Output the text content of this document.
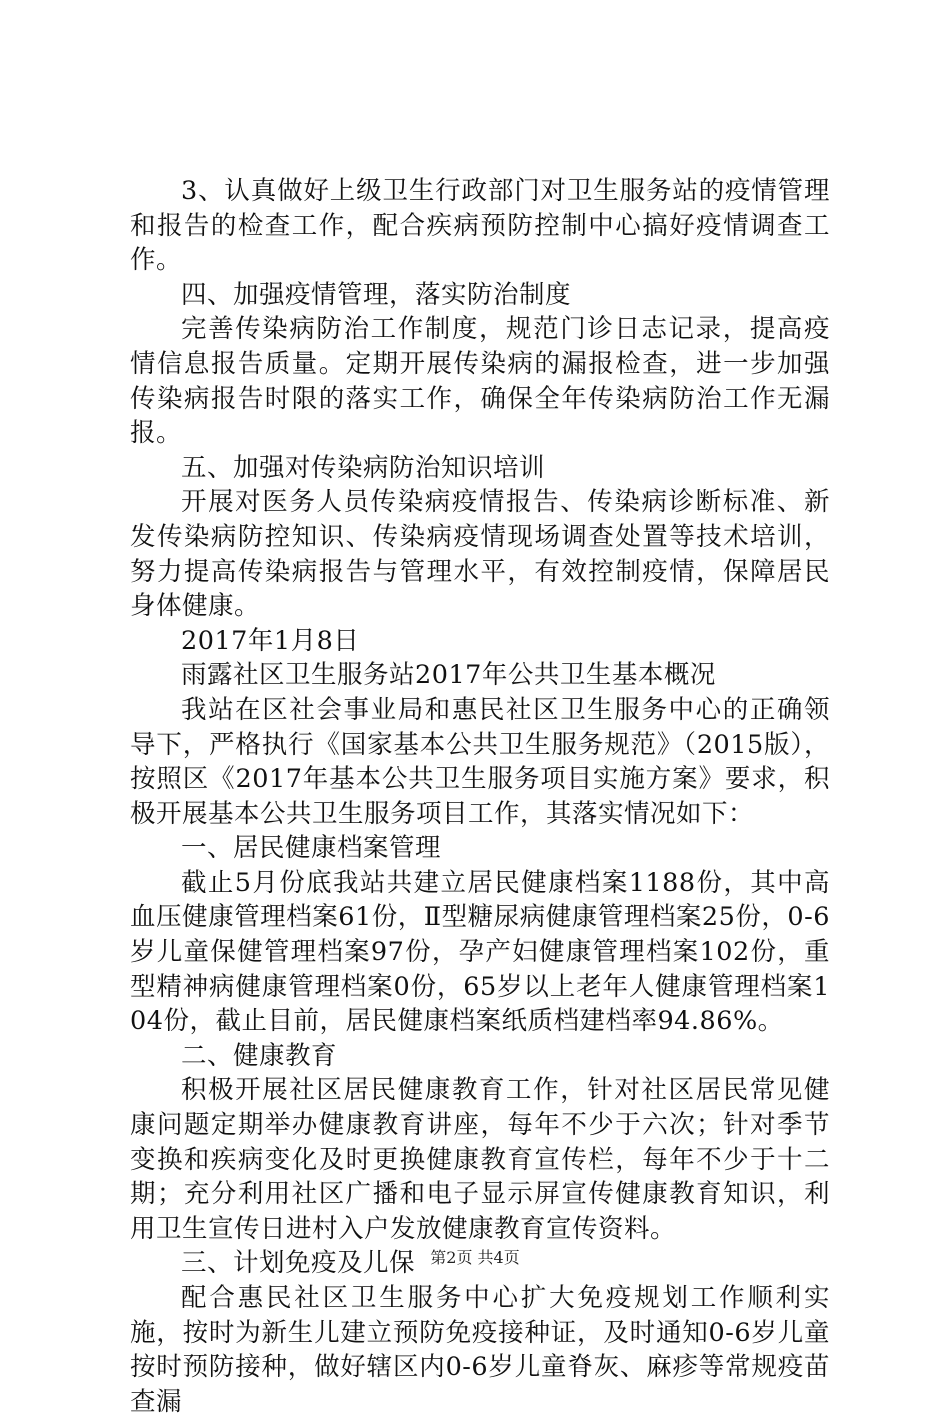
3、认真做好上级卫生行政部门对卫生服务站的疫情管理和报告的检查工作，配合疾病预防控制中心搞好疫情调查工作。

四、加强疫情管理，落实防治制度

完善传染病防治工作制度，规范门诊日志记录，提高疫情信息报告质量。定期开展传染病的漏报检查，进一步加强传染病报告时限的落实工作，确保全年传染病防治工作无漏报。

五、加强对传染病防治知识培训

开展对医务人员传染病疫情报告、传染病诊断标准、新发传染病防控知识、传染病疫情现场调查处置等技术培训，努力提高传染病报告与管理水平，有效控制疫情，保障居民身体健康。

2017年1月8日

雨露社区卫生服务站2017年公共卫生基本概况

我站在区社会事业局和惠民社区卫生服务中心的正确领导下，严格执行《国家基本公共卫生服务规范》（2015版），按照区《2017年基本公共卫生服务项目实施方案》要求，积极开展基本公共卫生服务项目工作，其落实情况如下：

一、居民健康档案管理

截止5月份底我站共建立居民健康档案1188份，其中高血压健康管理档案61份，Ⅱ型糖尿病健康管理档案25份，0-6岁儿童保健管理档案97份，孕产妇健康管理档案102份，重型精神病健康管理档案0份，65岁以上老年人健康管理档案104份，截止目前，居民健康档案纸质档建档率94.86%。

二、健康教育

积极开展社区居民健康教育工作，针对社区居民常见健康问题定期举办健康教育讲座，每年不少于六次；针对季节变换和疾病变化及时更换健康教育宣传栏，每年不少于十二期；充分利用社区广播和电子显示屏宣传健康教育知识，利用卫生宣传日进村入户发放健康教育宣传资料。

三、计划免疫及儿保

配合惠民社区卫生服务中心扩大免疫规划工作顺利实施，按时为新生儿建立预防免疫接种证，及时通知0-6岁儿童按时预防接种，做好辖区内0-6岁儿童脊灰、麻疹等常规疫苗查漏

第2页 共4页
